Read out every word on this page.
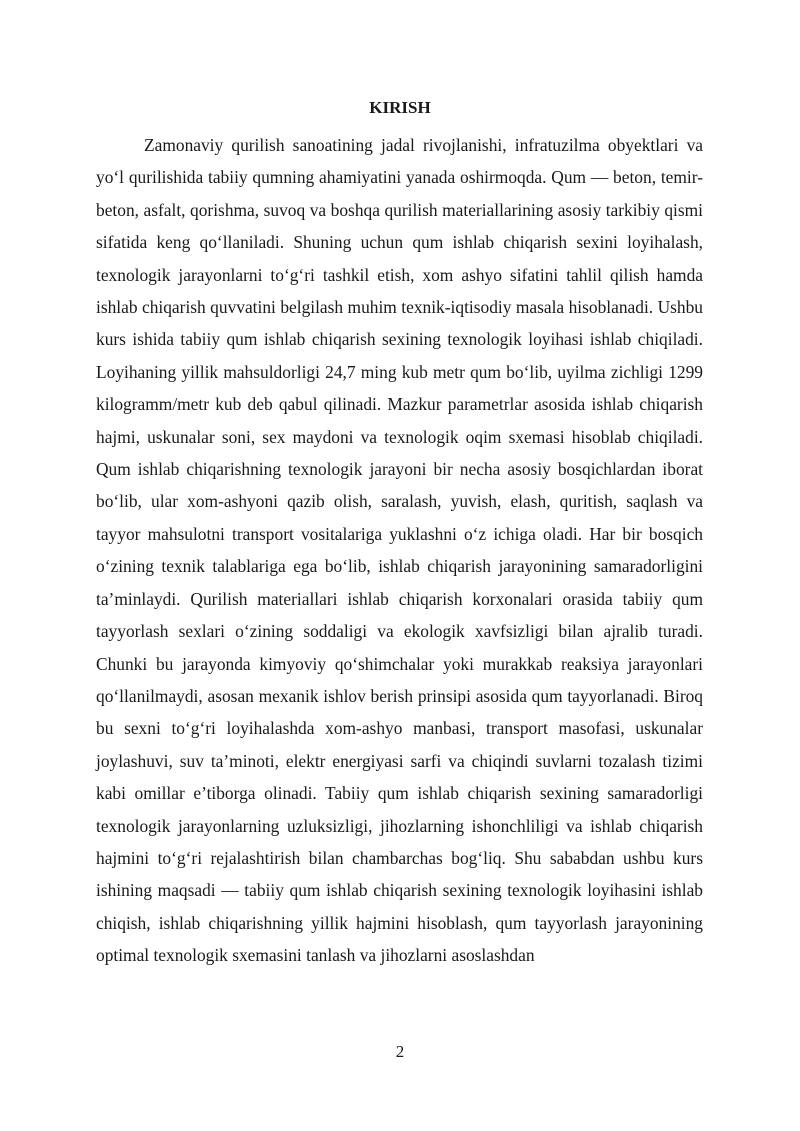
KIRISH

Zamonaviy qurilish sanoatining jadal rivojlanishi, infratuzilma obyektlari va yo‘l qurilishida tabiiy qumning ahamiyatini yanada oshirmoqda. Qum — beton, temir-beton, asfalt, qorishma, suvoq va boshqa qurilish materiallarining asosiy tarkibiy qismi sifatida keng qo‘llaniladi. Shuning uchun qum ishlab chiqarish sexini loyihalash, texnologik jarayonlarni to‘g‘ri tashkil etish, xom ashyo sifatini tahlil qilish hamda ishlab chiqarish quvvatini belgilash muhim texnik-iqtisodiy masala hisoblanadi. Ushbu kurs ishida tabiiy qum ishlab chiqarish sexining texnologik loyihasi ishlab chiqiladi. Loyihaning yillik mahsuldorligi 24,7 ming kub metr qum bo‘lib, uyilma zichligi 1299 kilogramm/metr kub deb qabul qilinadi. Mazkur parametrlar asosida ishlab chiqarish hajmi, uskunalar soni, sex maydoni va texnologik oqim sxemasi hisoblab chiqiladi. Qum ishlab chiqarishning texnologik jarayoni bir necha asosiy bosqichlardan iborat bo‘lib, ular xom-ashyoni qazib olish, saralash, yuvish, elash, quritish, saqlash va tayyor mahsulotni transport vositalariga yuklashni o‘z ichiga oladi. Har bir bosqich o‘zining texnik talablariga ega bo‘lib, ishlab chiqarish jarayonining samaradorligini ta’minlaydi. Qurilish materiallari ishlab chiqarish korxonalari orasida tabiiy qum tayyorlash sexlari o‘zining soddaligi va ekologik xavfsizligi bilan ajralib turadi. Chunki bu jarayonda kimyoviy qo‘shimchalar yoki murakkab reaksiya jarayonlari qo‘llanilmaydi, asosan mexanik ishlov berish prinsipi asosida qum tayyorlanadi. Biroq bu sexni to‘g‘ri loyihalashda xom-ashyo manbasi, transport masofasi, uskunalar joylashuvi, suv ta’minoti, elektr energiyasi sarfi va chiqindi suvlarni tozalash tizimi kabi omillar e’tiborga olinadi. Tabiiy qum ishlab chiqarish sexining samaradorligi texnologik jarayonlarning uzluksizligi, jihozlarning ishonchliligi va ishlab chiqarish hajmini to‘g‘ri rejalashtirish bilan chambarchas bog‘liq. Shu sababdan ushbu kurs ishining maqsadi — tabiiy qum ishlab chiqarish sexining texnologik loyihasini ishlab chiqish, ishlab chiqarishning yillik hajmini hisoblash, qum tayyorlash jarayonining optimal texnologik sxemasini tanlash va jihozlarni asoslashdan

2
